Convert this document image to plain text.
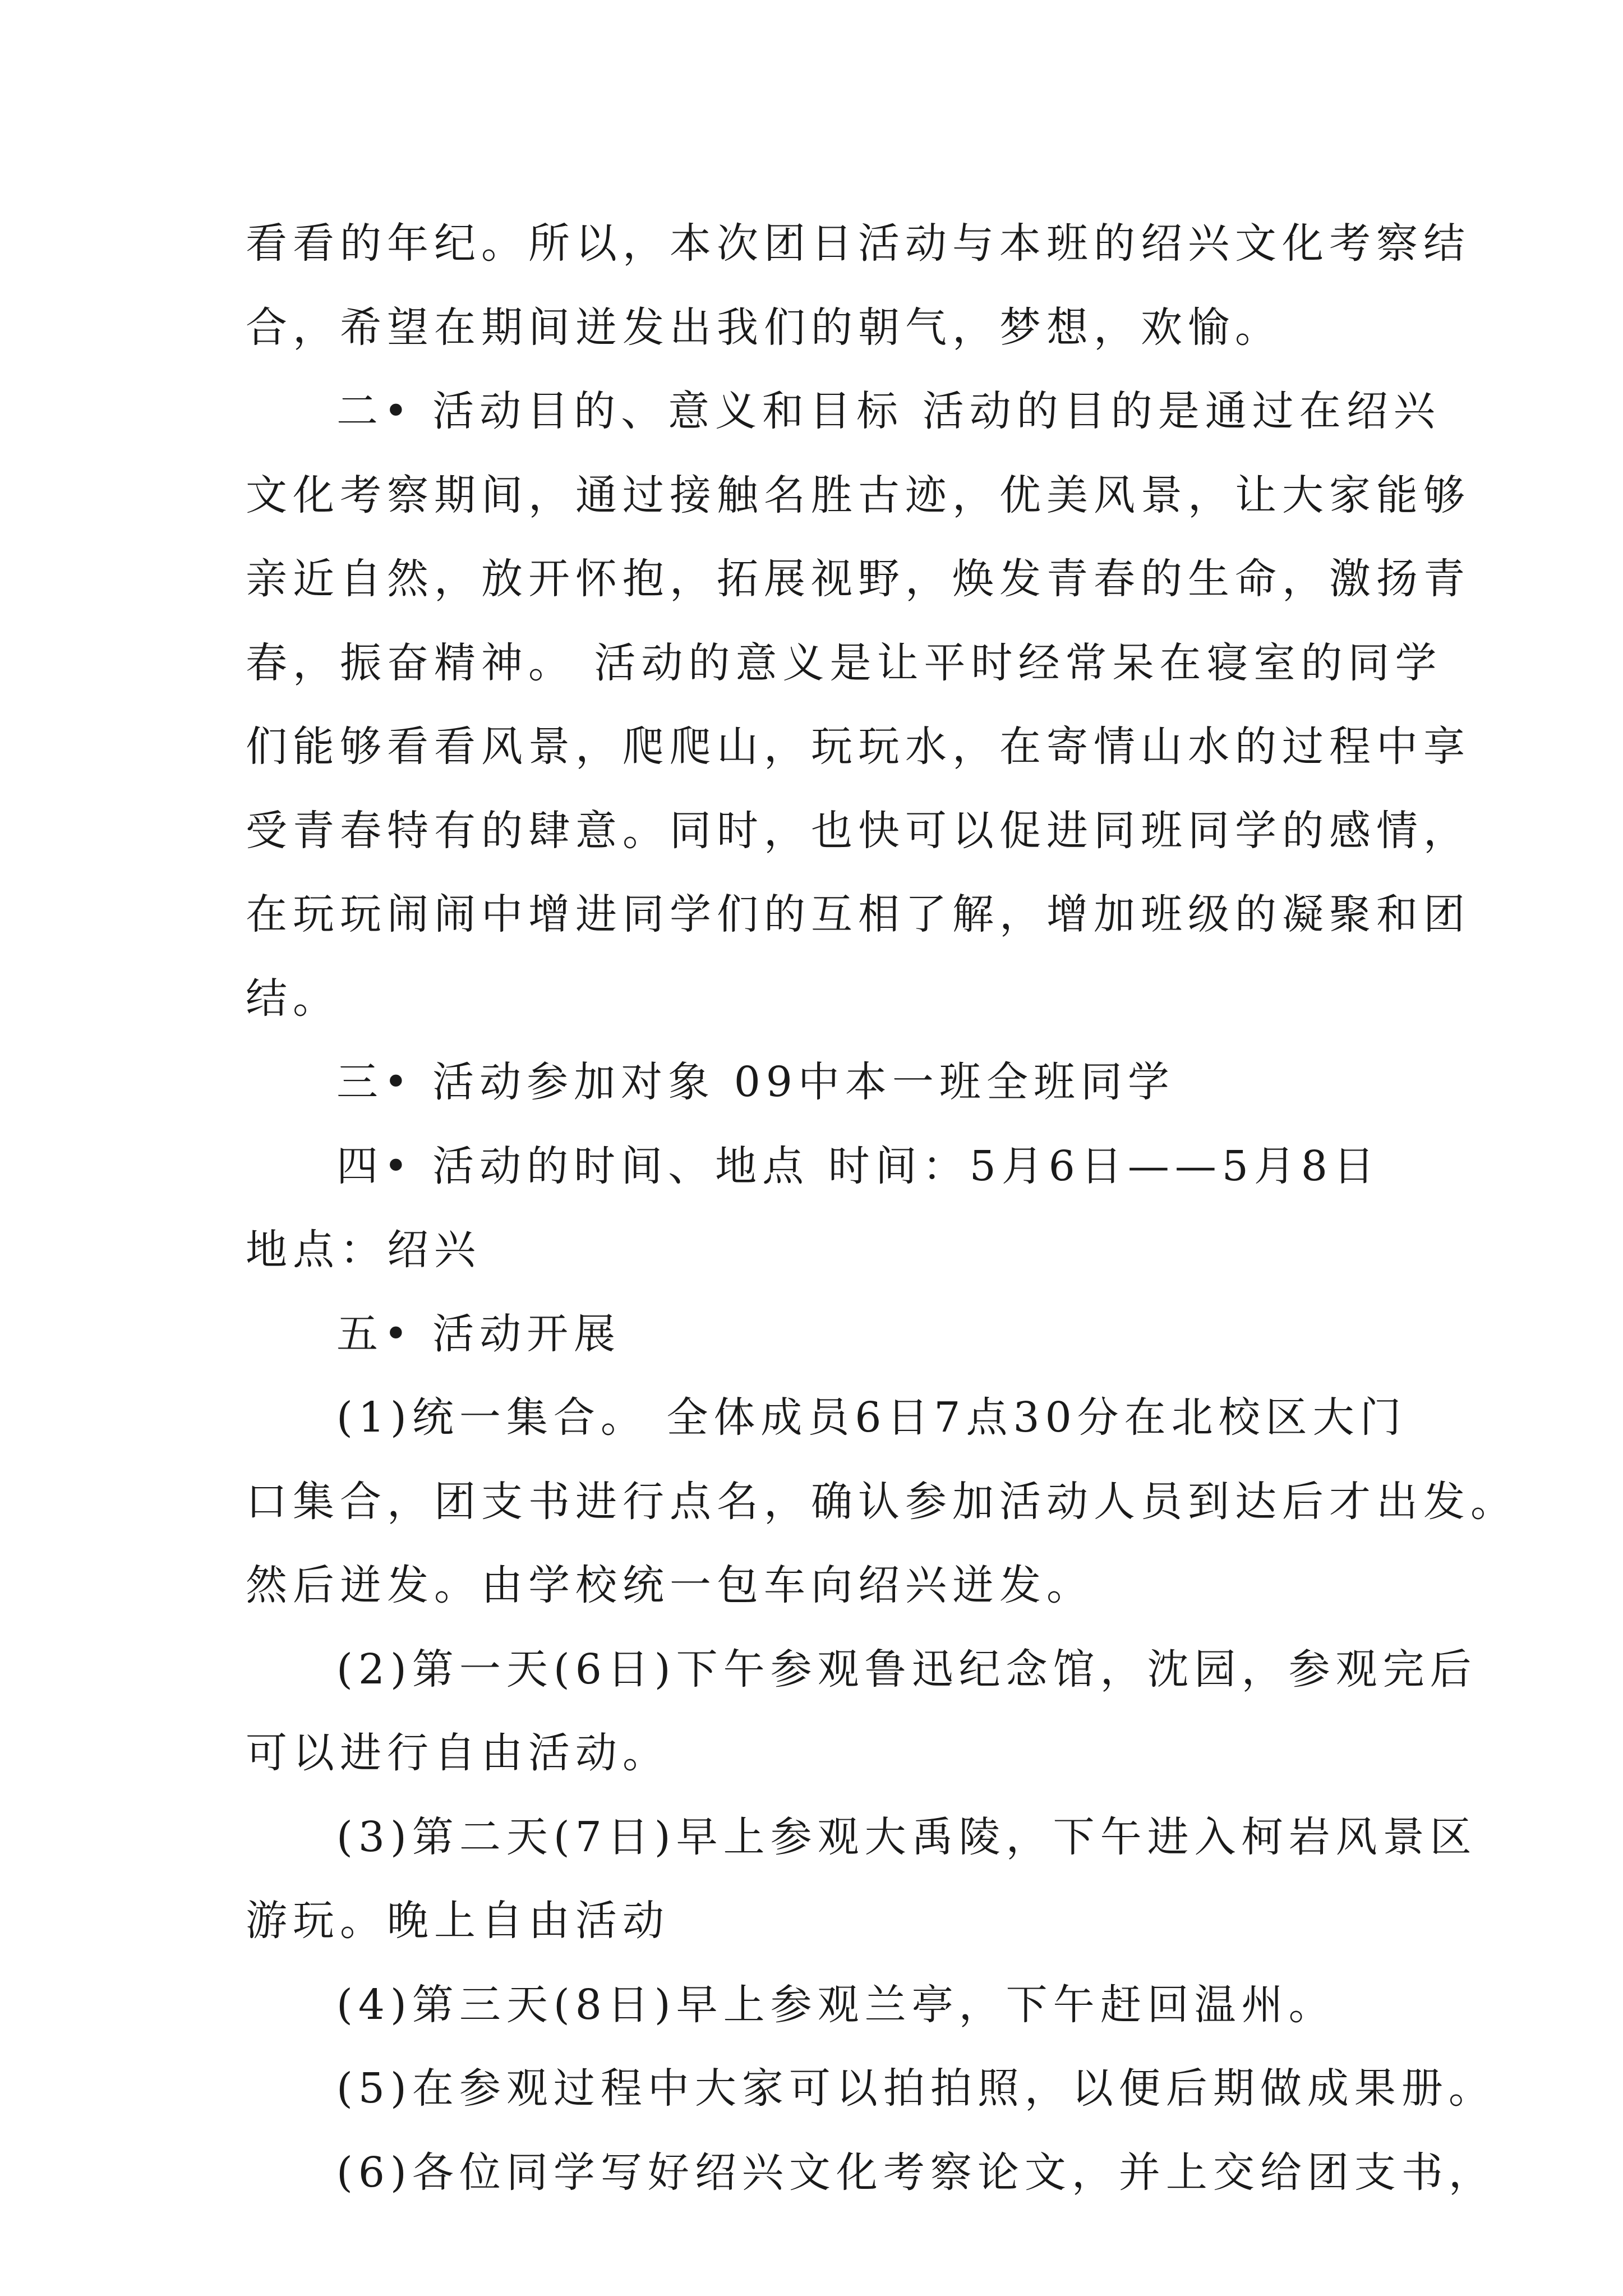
看看的年纪。所以，本次团日活动与本班的绍兴文化考察结
合，希望在期间迸发出我们的朝气，梦想，欢愉。
二• 活动目的、意义和目标 活动的目的是通过在绍兴
文化考察期间，通过接触名胜古迹，优美风景，让大家能够
亲近自然，放开怀抱，拓展视野，焕发青春的生命，激扬青
春，振奋精神。 活动的意义是让平时经常呆在寝室的同学
们能够看看风景，爬爬山，玩玩水，在寄情山水的过程中享
受青春特有的肆意。同时，也快可以促进同班同学的感情，
在玩玩闹闹中增进同学们的互相了解，增加班级的凝聚和团
结。
三• 活动参加对象 09中本一班全班同学
四• 活动的时间、地点 时间：5月6日——5月8日
地点：绍兴
五• 活动开展
(1)统一集合。 全体成员6日7点30分在北校区大门
口集合，团支书进行点名，确认参加活动人员到达后才出发。
然后迸发。由学校统一包车向绍兴迸发。
(2)第一天(6日)下午参观鲁迅纪念馆，沈园，参观完后
可以进行自由活动。
(3)第二天(7日)早上参观大禹陵，下午进入柯岩风景区
游玩。晚上自由活动
(4)第三天(8日)早上参观兰亭，下午赶回温州。
(5)在参观过程中大家可以拍拍照，以便后期做成果册。
(6)各位同学写好绍兴文化考察论文，并上交给团支书，
